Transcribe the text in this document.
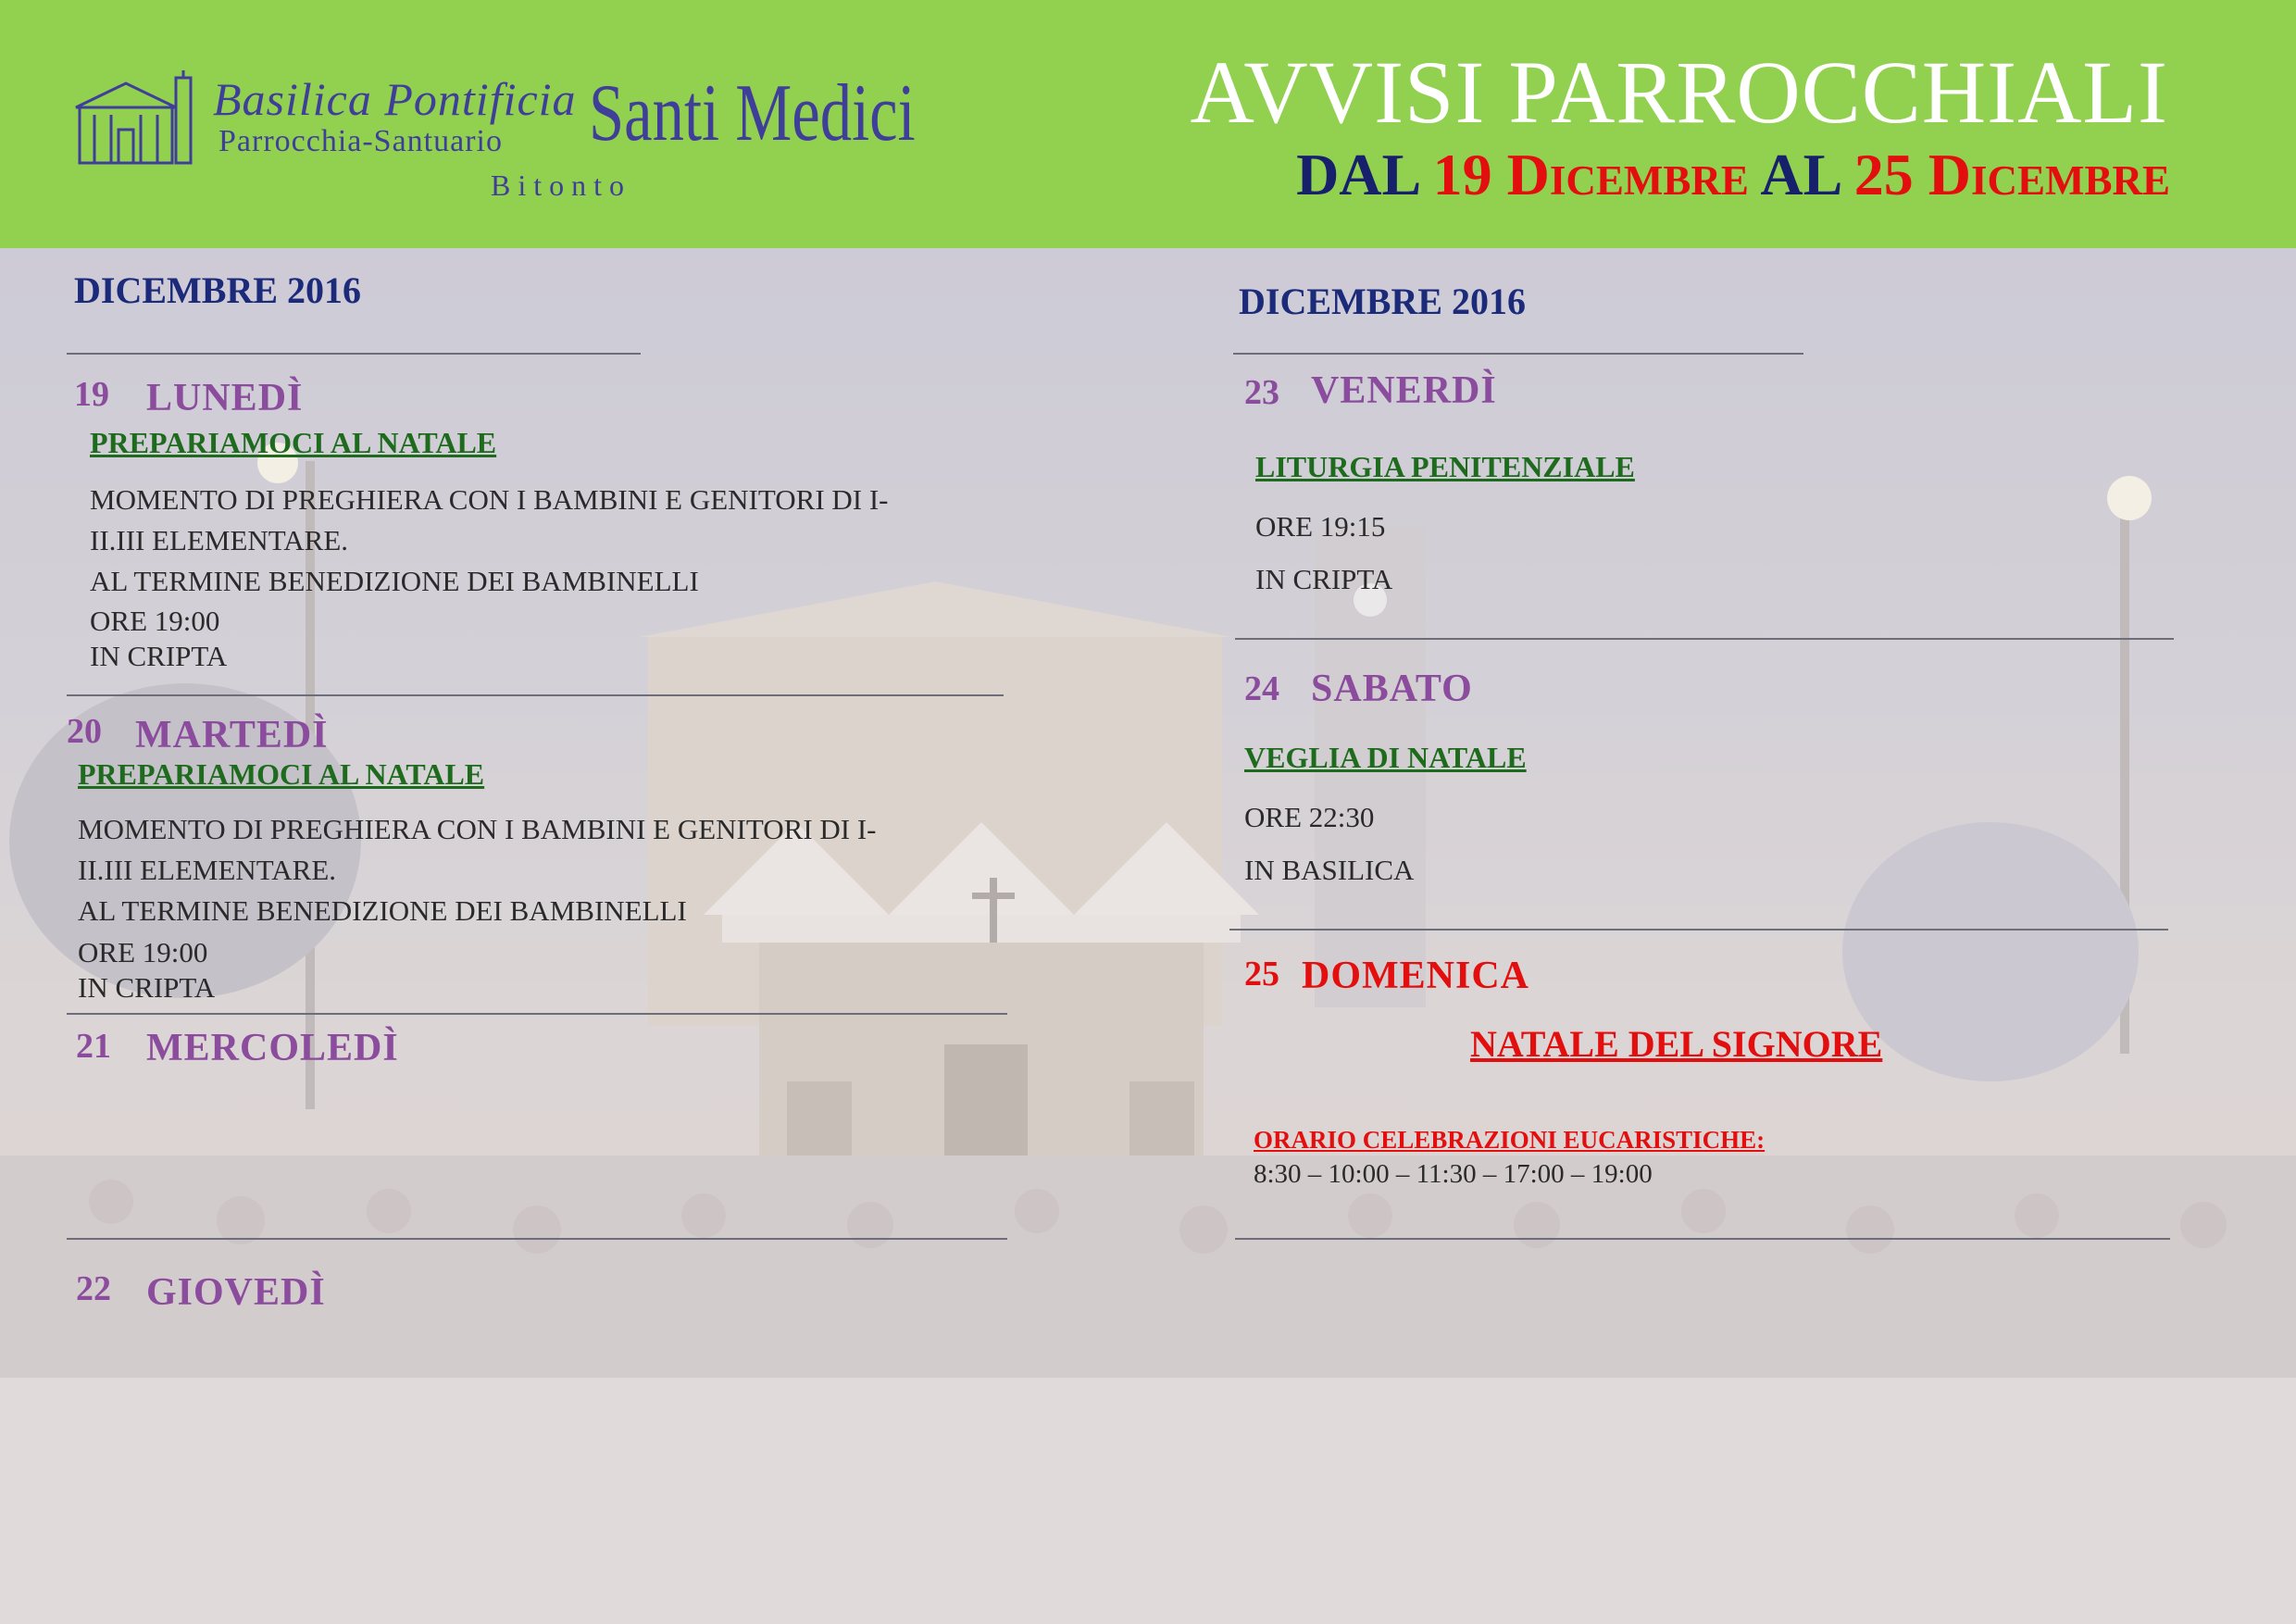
Basilica Pontificia
Parrocchia-Santuario
Bitonto
Santi Medici	AVVISI PARROCCHIALI
DAL 19 Dicembre AL 25 Dicembre
DICEMBRE 2016
19 LUNEDÌ
PREPARIAMOCI AL NATALE
MOMENTO DI PREGHIERA CON I BAMBINI E GENITORI DI I-
II.III ELEMENTARE.
AL TERMINE BENEDIZIONE DEI BAMBINELLI
ORE 19:00
IN CRIPTA
20 MARTEDÌ
PREPARIAMOCI AL NATALE
MOMENTO DI PREGHIERA CON I BAMBINI E GENITORI DI I-
II.III ELEMENTARE.
AL TERMINE BENEDIZIONE DEI BAMBINELLI
ORE 19:00
IN CRIPTA
21 MERCOLEDÌ
22 GIOVEDÌ
DICEMBRE 2016
23 VENERDÌ
LITURGIA PENITENZIALE
ORE 19:15
IN CRIPTA
24 SABATO
VEGLIA DI NATALE
ORE 22:30
IN BASILICA
25 DOMENICA
NATALE DEL SIGNORE
ORARIO CELEBRAZIONI EUCARISTICHE:
8:30 – 10:00 – 11:30 – 17:00 – 19:00
